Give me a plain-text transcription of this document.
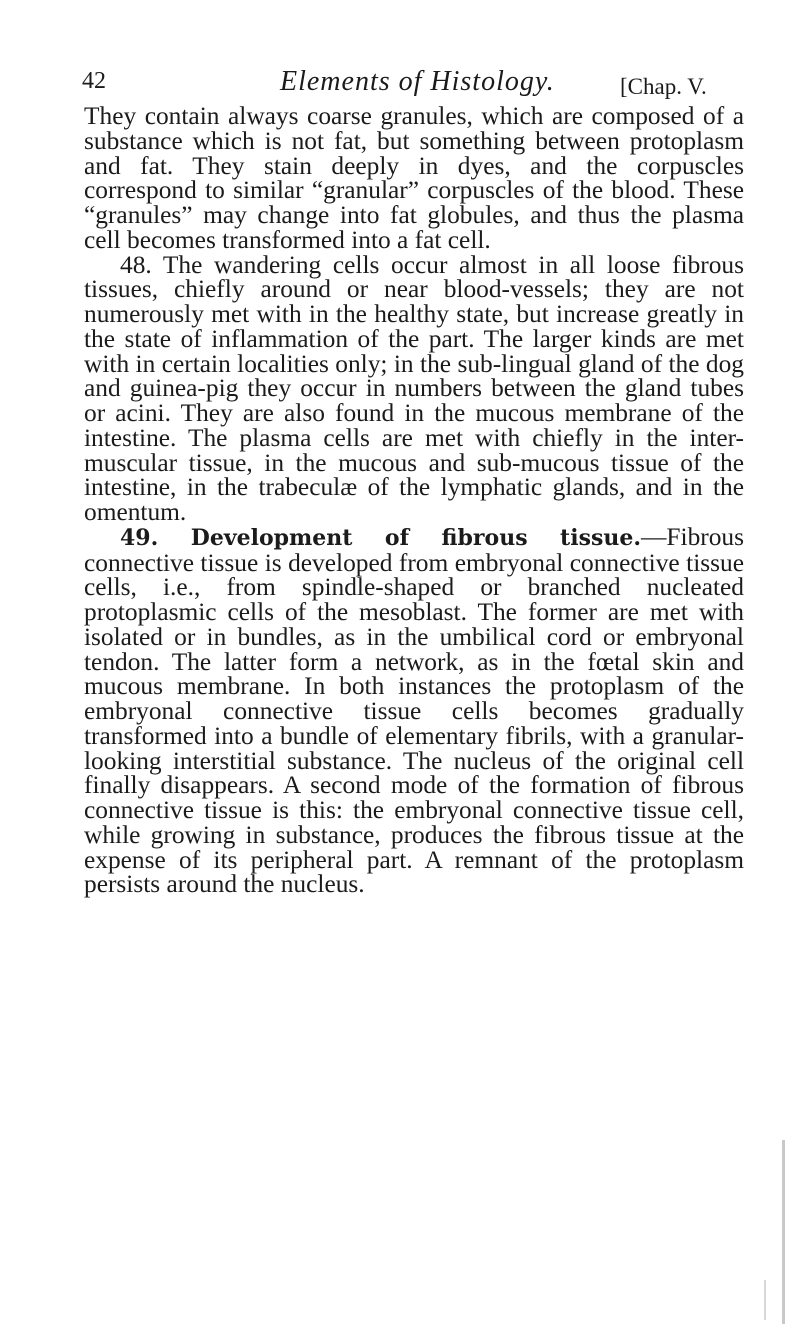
42	Elements of Histology.	[Chap. V.

They contain always coarse granules, which are composed of a substance which is not fat, but something between protoplasm and fat. They stain deeply in dyes, and the corpuscles correspond to similar “granular” corpuscles of the blood. These “granules” may change into fat globules, and thus the plasma cell becomes transformed into a fat cell.

48. The wandering cells occur almost in all loose fibrous tissues, chiefly around or near blood-vessels; they are not numerously met with in the healthy state, but increase greatly in the state of inflammation of the part. The larger kinds are met with in certain localities only; in the sub-lingual gland of the dog and guinea-pig they occur in numbers between the gland tubes or acini. They are also found in the mucous membrane of the intestine. The plasma cells are met with chiefly in the inter-muscular tissue, in the mucous and sub-mucous tissue of the intestine, in the trabeculæ of the lymphatic glands, and in the omentum.

49. Development of fibrous tissue.—Fibrous connective tissue is developed from embryonal connective tissue cells, i.e., from spindle-shaped or branched nucleated protoplasmic cells of the mesoblast. The former are met with isolated or in bundles, as in the umbilical cord or embryonal tendon. The latter form a network, as in the fœtal skin and mucous membrane. In both instances the protoplasm of the embryonal connective tissue cells becomes gradually transformed into a bundle of elementary fibrils, with a granular-looking interstitial substance. The nucleus of the original cell finally disappears. A second mode of the formation of fibrous connective tissue is this: the embryonal connective tissue cell, while growing in substance, produces the fibrous tissue at the expense of its peripheral part. A remnant of the protoplasm persists around the nucleus.
